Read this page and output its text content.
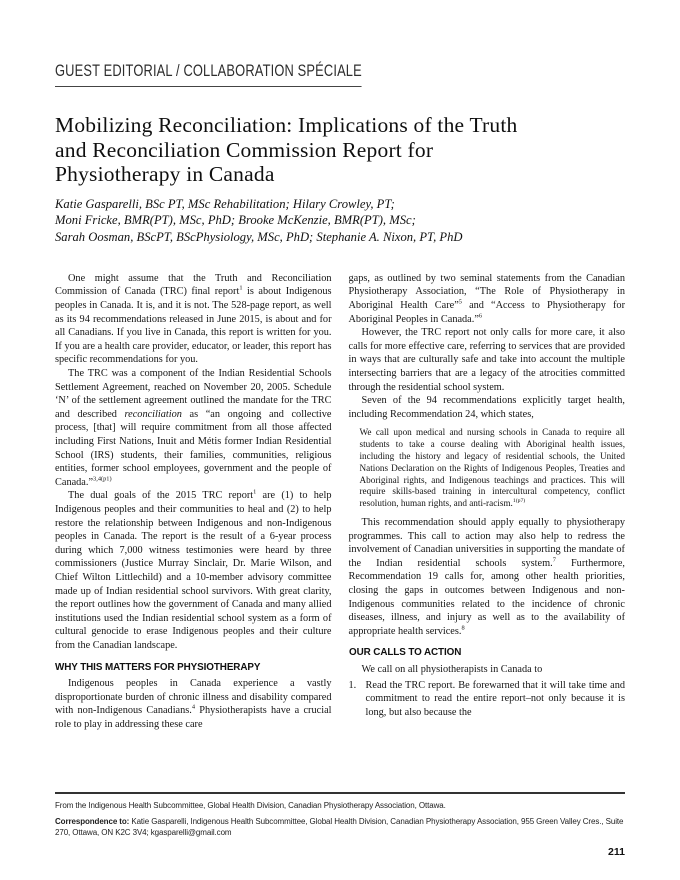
GUEST EDITORIAL / COLLABORATION SPÉCIALE
Mobilizing Reconciliation: Implications of the Truth
and Reconciliation Commission Report for
Physiotherapy in Canada
Katie Gasparelli, BSc PT, MSc Rehabilitation; Hilary Crowley, PT;
Moni Fricke, BMR(PT), MSc, PhD; Brooke McKenzie, BMR(PT), MSc;
Sarah Oosman, BScPT, BScPhysiology, MSc, PhD; Stephanie A. Nixon, PT, PhD
One might assume that the Truth and Reconciliation Commission of Canada (TRC) final report$^1$ is about Indigenous peoples in Canada. It is, and it is not. The 528-page report, as well as its 94 recommendations released in June 2015, is about and for all Canadians. If you live in Canada, this report is written for you. If you are a health care provider, educator, or leader, this report has specific recommendations for you.
The TRC was a component of the Indian Residential Schools Settlement Agreement, reached on November 20, 2005. Schedule ‘N’ of the settlement agreement outlined the mandate for the TRC and described reconciliation as “an ongoing and collective process, [that] will require commitment from all those affected including First Nations, Inuit and Métis former Indian Residential School (IRS) students, their families, communities, religious entities, former school employees, government and the people of Canada.”$^{3,4(p1)}$
The dual goals of the 2015 TRC report$^1$ are (1) to help Indigenous peoples and their communities to heal and (2) to help restore the relationship between Indigenous and non-Indigenous peoples in Canada. The report is the result of a 6-year process during which 7,000 witness testimonies were heard by three commissioners (Justice Murray Sinclair, Dr. Marie Wilson, and Chief Wilton Littlechild) and a 10-member advisory committee made up of Indian residential school survivors. With great clarity, the report outlines how the government of Canada and many allied institutions used the Indian residential school system as a form of cultural genocide to erase Indigenous peoples and their culture from the Canadian landscape.
WHY THIS MATTERS FOR PHYSIOTHERAPY
Indigenous peoples in Canada experience a vastly disproportionate burden of chronic illness and disability compared with non-Indigenous Canadians.$^4$ Physiotherapists have a crucial role to play in addressing these care
gaps, as outlined by two seminal statements from the Canadian Physiotherapy Association, “The Role of Physiotherapy in Aboriginal Health Care”$^5$ and “Access to Physiotherapy for Aboriginal Peoples in Canada.”$^6$
However, the TRC report not only calls for more care, it also calls for more effective care, referring to services that are provided in ways that are culturally safe and take into account the multiple intersecting barriers that are a legacy of the atrocities committed through the residential school system.
Seven of the 94 recommendations explicitly target health, including Recommendation 24, which states,
We call upon medical and nursing schools in Canada to require all students to take a course dealing with Aboriginal health issues, including the history and legacy of residential schools, the United Nations Declaration on the Rights of Indigenous Peoples, Treaties and Aboriginal rights, and Indigenous teachings and practices. This will require skills-based training in intercultural competency, conflict resolution, human rights, and anti-racism.$^{1(p7)}$
This recommendation should apply equally to physiotherapy programmes. This call to action may also help to redress the involvement of Canadian universities in supporting the mandate of the Indian residential schools system.$^7$ Furthermore, Recommendation 19 calls for, among other health priorities, closing the gaps in outcomes between Indigenous and non-Indigenous communities related to the incidence of chronic diseases, illness, and injury as well as to the availability of appropriate health services.$^8$
OUR CALLS TO ACTION
We call on all physiotherapists in Canada to
1. Read the TRC report. Be forewarned that it will take time and commitment to read the entire report–not only because it is long, but also because the
From the Indigenous Health Subcommittee, Global Health Division, Canadian Physiotherapy Association, Ottawa.
Correspondence to: Katie Gasparelli, Indigenous Health Subcommittee, Global Health Division, Canadian Physiotherapy Association, 955 Green Valley Cres., Suite 270, Ottawa, ON K2C 3V4; kgasparelli@gmail.com
211
